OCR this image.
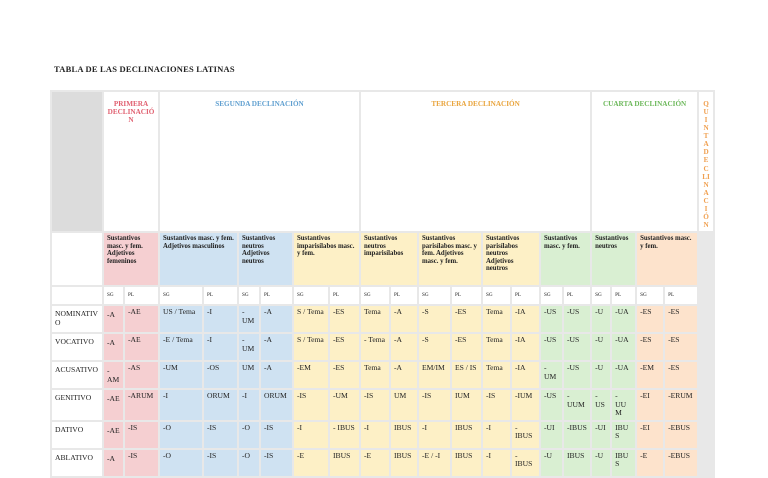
TABLA DE LAS DECLINACIONES LATINAS
	PRIMERA DECLINACIÓN		SEGUNDA DECLINACIÓN						TERCERA DECLINACIÓN								CUARTA DECLINACIÓN				QUINTA DECLINACIÓN
	Sustantivos masc. y fem. Adjetivos femeninos		Sustantivos masc. y fem. Adjetivos masculinos		Sustantivos neutros Adjetivos neutros		Sustantivos imparisílabos masc. y fem.		Sustantivos neutros imparisílabos		Sustantivos parisílabos masc. y fem. Adjetivos masc. y fem.		Sustantivos parisílabos neutros Adjetivos neutros		Sustantivos masc. y fem.		Sustantivos neutros		Sustantivos masc. y fem.		
	SG	PL	SG	PL	SG	PL	SG	PL	SG	PL	SG	PL	SG	PL	SG	PL	SG	PL	SG	PL	
NOMINATIVO	-A	-AE	US / Tema	-I	- UM	-A	S / Tema	-ES	Tema	-A	-S	-ES	Tema	-IA	-US	-US	-U	-UA	-ES	-ES	
VOCATIVO	-A	-AE	-E / Tema	-I	- UM	-A	S / Tema	-ES	- Tema	-A	-S	-ES	Tema	-IA	-US	-US	-U	-UA	-ES	-ES	
ACUSATIVO	-AM	-AS	-UM	-OS	UM	-A	-EM	-ES	Tema	-A	EM/IM	ES / IS	Tema	-IA	- UM	-US	-U	-UA	-EM	-ES	
GENITIVO	-AE	-ARUM	-I	ORUM	-I	ORUM	-IS	-UM	-IS	UM	-IS	IUM	-IS	-IUM	-US	- UUM	- US	- UUM	-EI	-ERUM	
DATIVO	-AE	-IS	-O	-IS	-O	-IS	-I	- IBUS	-I	IBUS	-I	IBUS	-I	- IBUS	-UI	-IBUS	-UI	IBUS	-EI	-EBUS	
ABLATIVO	-A	-IS	-O	-IS	-O	-IS	-E	IBUS	-E	IBUS	-E / -I	IBUS	-I	- IBUS	-U	IBUS	-U	IBUS	-E	-EBUS	
